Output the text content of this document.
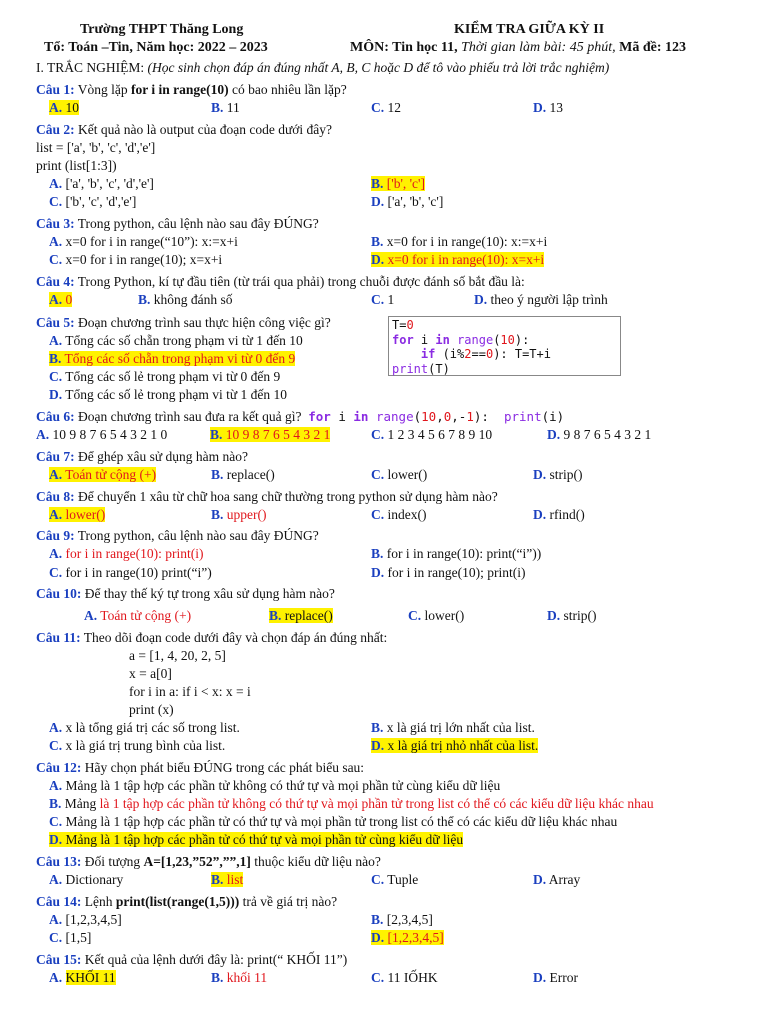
Trường THPT Thăng Long
Tổ: Toán –Tin, Năm học: 2022 – 2023
KIỂM TRA GIỮA KỲ II
MÔN: Tin học 11, Thời gian làm bài: 45 phút, Mã đề: 123
I. TRẮC NGHIỆM: (Học sinh chọn đáp án đúng nhất A, B, C hoặc D để tô vào phiếu trả lời trắc nghiệm)
Câu 1: Vòng lặp for i in range(10) có bao nhiêu lần lặp?
A. 10	B. 11	C. 12	D. 13
Câu 2: Kết quả nào là output của đoạn code dưới đây?
list = ['a', 'b', 'c', 'd','e']
print (list[1:3])
A. ['a', 'b', 'c', 'd','e']	B. ['b', 'c']
C. ['b', 'c', 'd','e']	D. ['a', 'b', 'c']
Câu 3: Trong python, câu lệnh nào sau đây ĐÚNG?
A. x=0 for i in range(“10”): x:=x+i	B. x=0 for i in range(10): x:=x+i
C. x=0 for i in range(10); x=x+i	D. x=0 for i in range(10): x=x+i
Câu 4: Trong Python, kí tự đầu tiên (từ trái qua phải) trong chuỗi được đánh số bắt đầu là:
A. 0	B. không đánh số	C. 1	D. theo ý người lập trình
Câu 5: Đoạn chương trình sau thực hiện công việc gì?
A. Tổng các số chẵn trong phạm vi từ 1 đến 10
B. Tổng các số chẵn trong phạm vi từ 0 đến 9
C. Tổng các số lẻ trong phạm vi từ 0 đến 9
D. Tổng các số lẻ trong phạm vi từ 1 đến 10
T=0
for i in range(10):
if (i%2==0): T=T+i
print(T)
Câu 6: Đoạn chương trình sau đưa ra kết quả gì? for i in range(10,0,-1):  print(i)
A. 10 9 8 7 6 5 4 3 2 1 0	B. 10 9 8 7 6 5 4 3 2 1	C. 1 2 3 4 5 6 7 8 9 10	D. 9 8 7 6 5 4 3 2 1
Câu 7: Để ghép xâu sử dụng hàm nào?
A. Toán tử cộng (+)	B. replace()	C. lower()	D. strip()
Câu 8: Để chuyển 1 xâu từ chữ hoa sang chữ thường trong python sử dụng hàm nào?
A. lower()	B. upper()	C. index()	D. rfind()
Câu 9: Trong python, câu lệnh nào sau đây ĐÚNG?
A. for i in range(10): print(i)	B. for i in range(10): print(“i”))
C. for i in range(10) print(“i”)	D. for i in range(10); print(i)
Câu 10: Để thay thế ký tự trong xâu sử dụng hàm nào?
A. Toán tử cộng (+)	B. replace()	C. lower()	D. strip()
Câu 11: Theo dõi đoạn code dưới đây và chọn đáp án đúng nhất:
a = [1, 4, 20, 2, 5]
x = a[0]
for i in a: if i < x: x = i
print (x)
A. x là tổng giá trị các số trong list.	B. x là giá trị lớn nhất của list.
C. x là giá trị trung bình của list.	D. x là giá trị nhỏ nhất của list.
Câu 12: Hãy chọn phát biểu ĐÚNG trong các phát biểu sau:
A. Mảng là 1 tập hợp các phần tử không có thứ tự và mọi phần tử cùng kiểu dữ liệu
B. Mảng là 1 tập hợp các phần tử không có thứ tự và mọi phần tử trong list có thể có các kiểu dữ liệu khác nhau
C. Mảng là 1 tập hợp các phần tử có thứ tự và mọi phần tử trong list có thể có các kiểu dữ liệu khác nhau
D. Mảng là 1 tập hợp các phần tử có thứ tự và mọi phần tử cùng kiểu dữ liệu
Câu 13: Đối tượng A=[1,23,”52”,””,1] thuộc kiểu dữ liệu nào?
A. Dictionary	B. list	C. Tuple	D. Array
Câu 14: Lệnh print(list(range(1,5))) trả về giá trị nào?
A. [1,2,3,4,5]	B. [2,3,4,5]
C. [1,5]	D. [1,2,3,4,5]
Câu 15: Kết quả của lệnh dưới đây là: print(“ KHỐI 11”)
A. KHỐI 11	B. khối 11	C. 11 IỐHK	D. Error
